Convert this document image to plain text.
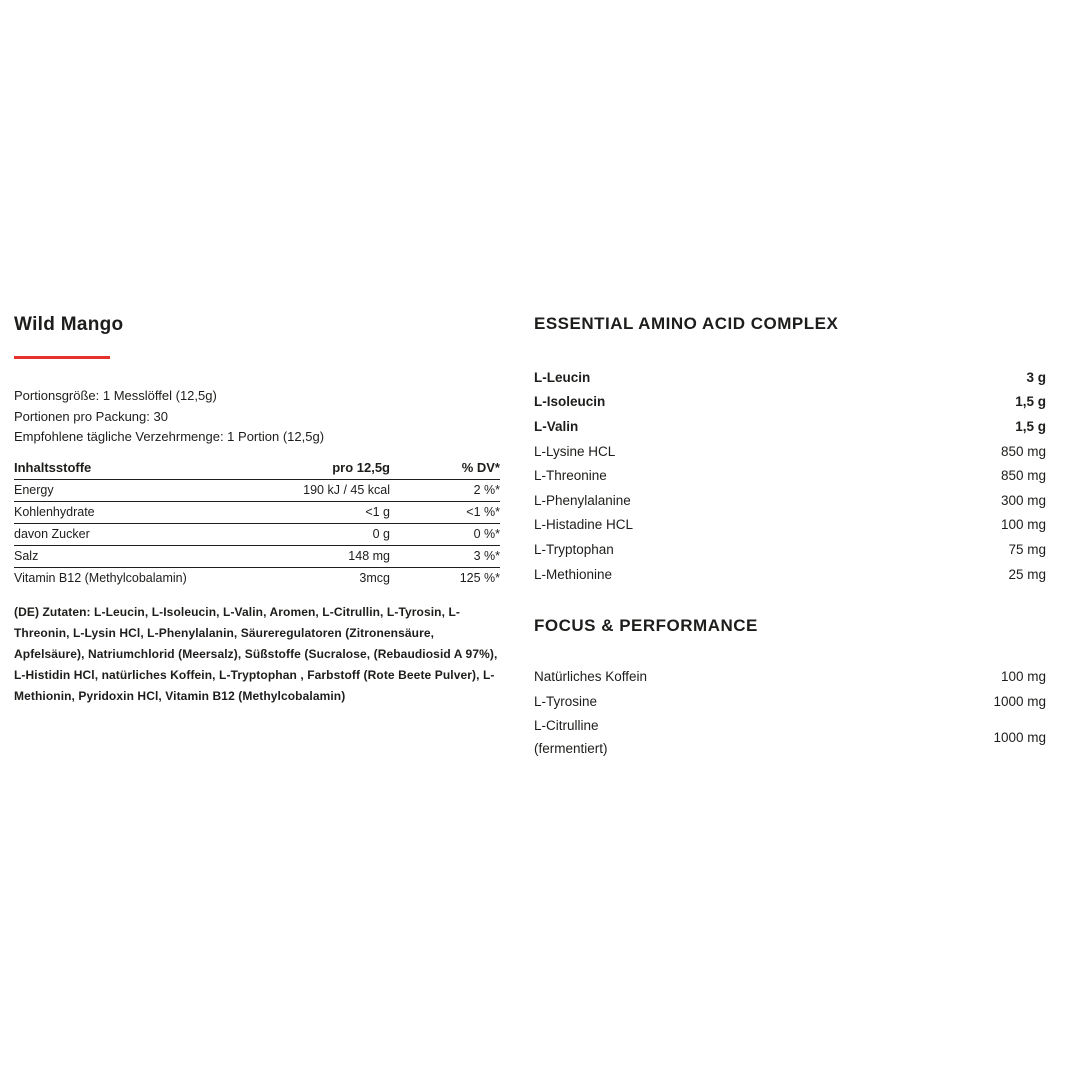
Wild Mango

Portionsgröße: 1 Messlöffel (12,5g)

Portionen pro Packung: 30

Empfohlene tägliche Verzehrmenge: 1 Portion (12,5g)

Inhaltsstoffe	pro 12,5g	% DV*
Energy	190 kJ / 45 kcal	2 %*
Kohlenhydrate	<1 g	<1 %*
davon Zucker	0 g	0 %*
Salz	148 mg	3 %*
Vitamin B12 (Methylcobalamin)	3mcg	125 %*

(DE) Zutaten: L-Leucin, L-Isoleucin, L-Valin, Aromen, L-Citrullin, L-Tyrosin, L-Threonin, L-Lysin HCl, L-Phenylalanin, Säureregulatoren (Zitronensäure, Apfelsäure), Natriumchlorid (Meersalz), Süßstoffe (Sucralose, (Rebaudiosid A 97%), L-Histidin HCl, natürliches Koffein, L-Tryptophan , Farbstoff (Rote Beete Pulver), L-Methionin, Pyridoxin HCl, Vitamin B12 (Methylcobalamin)

ESSENTIAL AMINO ACID COMPLEX
L-Leucin	3 g
L-Isoleucin	1,5 g
L-Valin	1,5 g
L-Lysine HCL	850 mg
L-Threonine	850 mg
L-Phenylalanine	300 mg
L-Histadine HCL	100 mg
L-Tryptophan	75 mg
L-Methionine	25 mg
FOCUS & PERFORMANCE
Natürliches Koffein	100 mg
L-Tyrosine	1000 mg
L-Citrulline
(fermentiert)
1000 mg
